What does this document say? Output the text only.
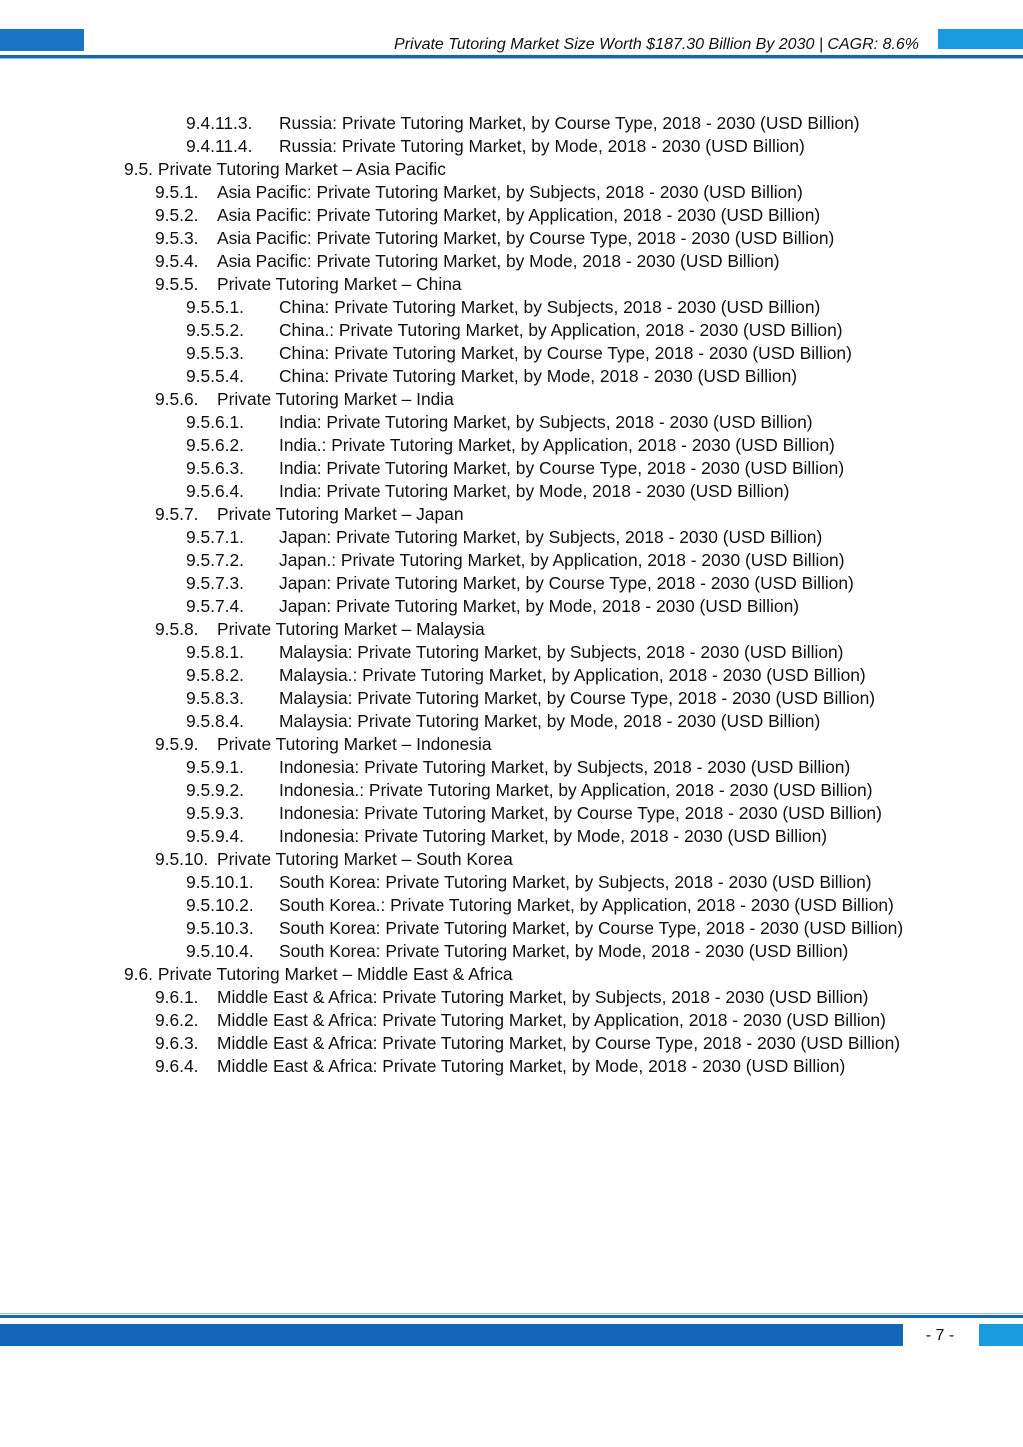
Private Tutoring Market Size Worth $187.30 Billion By 2030 | CAGR: 8.6%
9.4.11.3. Russia: Private Tutoring Market, by Course Type, 2018 - 2030 (USD Billion)
9.4.11.4. Russia: Private Tutoring Market, by Mode, 2018 - 2030 (USD Billion)
9.5. Private Tutoring Market – Asia Pacific
9.5.1. Asia Pacific: Private Tutoring Market, by Subjects, 2018 - 2030 (USD Billion)
9.5.2. Asia Pacific: Private Tutoring Market, by Application, 2018 - 2030 (USD Billion)
9.5.3. Asia Pacific: Private Tutoring Market, by Course Type, 2018 - 2030 (USD Billion)
9.5.4. Asia Pacific: Private Tutoring Market, by Mode, 2018 - 2030 (USD Billion)
9.5.5. Private Tutoring Market – China
9.5.5.1. China: Private Tutoring Market, by Subjects, 2018 - 2030 (USD Billion)
9.5.5.2. China.: Private Tutoring Market, by Application, 2018 - 2030 (USD Billion)
9.5.5.3. China: Private Tutoring Market, by Course Type, 2018 - 2030 (USD Billion)
9.5.5.4. China: Private Tutoring Market, by Mode, 2018 - 2030 (USD Billion)
9.5.6. Private Tutoring Market – India
9.5.6.1. India: Private Tutoring Market, by Subjects, 2018 - 2030 (USD Billion)
9.5.6.2. India.: Private Tutoring Market, by Application, 2018 - 2030 (USD Billion)
9.5.6.3. India: Private Tutoring Market, by Course Type, 2018 - 2030 (USD Billion)
9.5.6.4. India: Private Tutoring Market, by Mode, 2018 - 2030 (USD Billion)
9.5.7. Private Tutoring Market – Japan
9.5.7.1. Japan: Private Tutoring Market, by Subjects, 2018 - 2030 (USD Billion)
9.5.7.2. Japan.: Private Tutoring Market, by Application, 2018 - 2030 (USD Billion)
9.5.7.3. Japan: Private Tutoring Market, by Course Type, 2018 - 2030 (USD Billion)
9.5.7.4. Japan: Private Tutoring Market, by Mode, 2018 - 2030 (USD Billion)
9.5.8. Private Tutoring Market – Malaysia
9.5.8.1. Malaysia: Private Tutoring Market, by Subjects, 2018 - 2030 (USD Billion)
9.5.8.2. Malaysia.: Private Tutoring Market, by Application, 2018 - 2030 (USD Billion)
9.5.8.3. Malaysia: Private Tutoring Market, by Course Type, 2018 - 2030 (USD Billion)
9.5.8.4. Malaysia: Private Tutoring Market, by Mode, 2018 - 2030 (USD Billion)
9.5.9. Private Tutoring Market – Indonesia
9.5.9.1. Indonesia: Private Tutoring Market, by Subjects, 2018 - 2030 (USD Billion)
9.5.9.2. Indonesia.: Private Tutoring Market, by Application, 2018 - 2030 (USD Billion)
9.5.9.3. Indonesia: Private Tutoring Market, by Course Type, 2018 - 2030 (USD Billion)
9.5.9.4. Indonesia: Private Tutoring Market, by Mode, 2018 - 2030 (USD Billion)
9.5.10. Private Tutoring Market – South Korea
9.5.10.1. South Korea: Private Tutoring Market, by Subjects, 2018 - 2030 (USD Billion)
9.5.10.2. South Korea.: Private Tutoring Market, by Application, 2018 - 2030 (USD Billion)
9.5.10.3. South Korea: Private Tutoring Market, by Course Type, 2018 - 2030 (USD Billion)
9.5.10.4. South Korea: Private Tutoring Market, by Mode, 2018 - 2030 (USD Billion)
9.6. Private Tutoring Market – Middle East & Africa
9.6.1. Middle East & Africa: Private Tutoring Market, by Subjects, 2018 - 2030 (USD Billion)
9.6.2. Middle East & Africa: Private Tutoring Market, by Application, 2018 - 2030 (USD Billion)
9.6.3. Middle East & Africa: Private Tutoring Market, by Course Type, 2018 - 2030 (USD Billion)
9.6.4. Middle East & Africa: Private Tutoring Market, by Mode, 2018 - 2030 (USD Billion)
- 7 -
